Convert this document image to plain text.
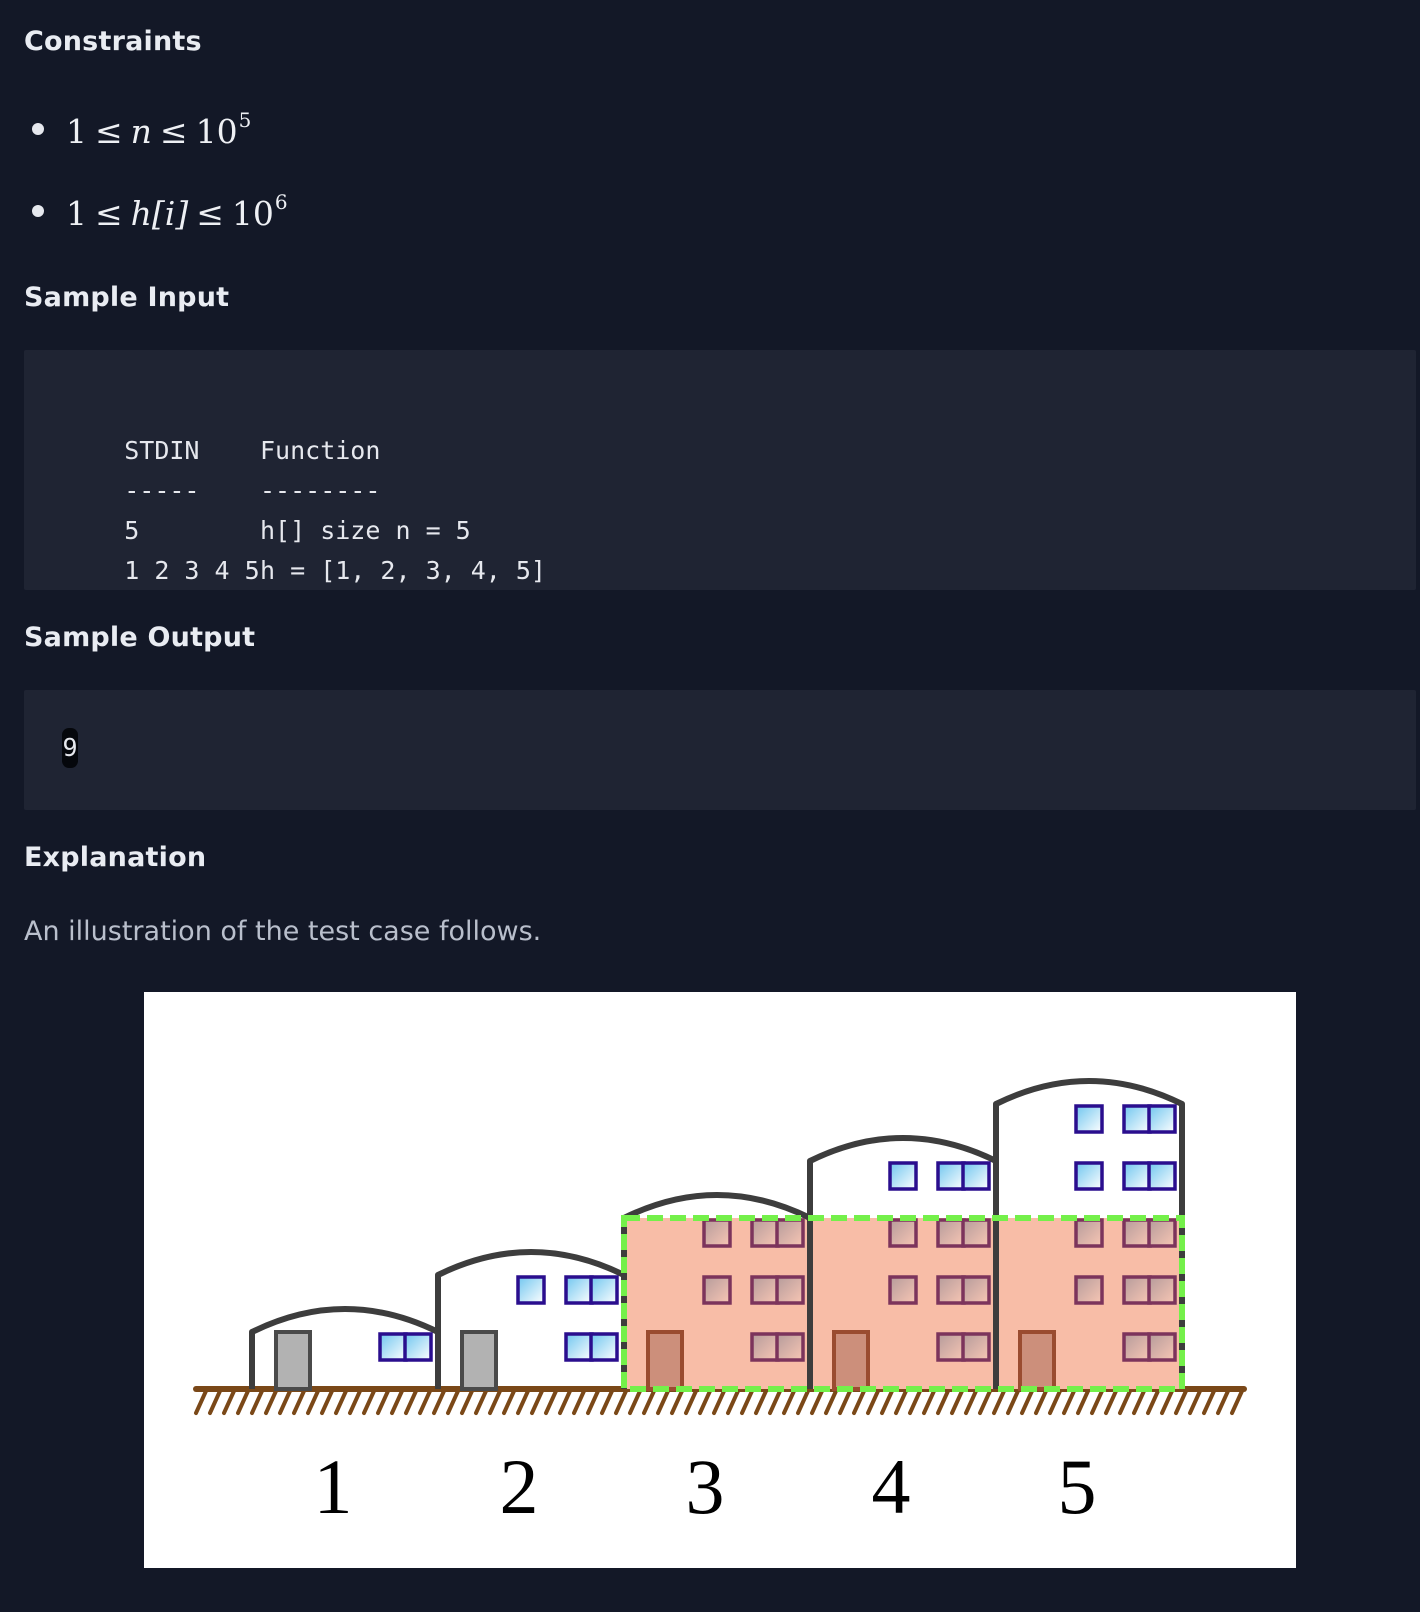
Constraints
$1 \le n \le 10^5$
$1 \le h[i] \le 10^6$
Sample Input

STDIN Function

----- --------

5	h[] size n = 5

1 2 3 4 5 h = [1, 2, 3, 4, 5]

Sample Output
9
Explanation

An illustration of the test case follows.

1 2 3 4 5
